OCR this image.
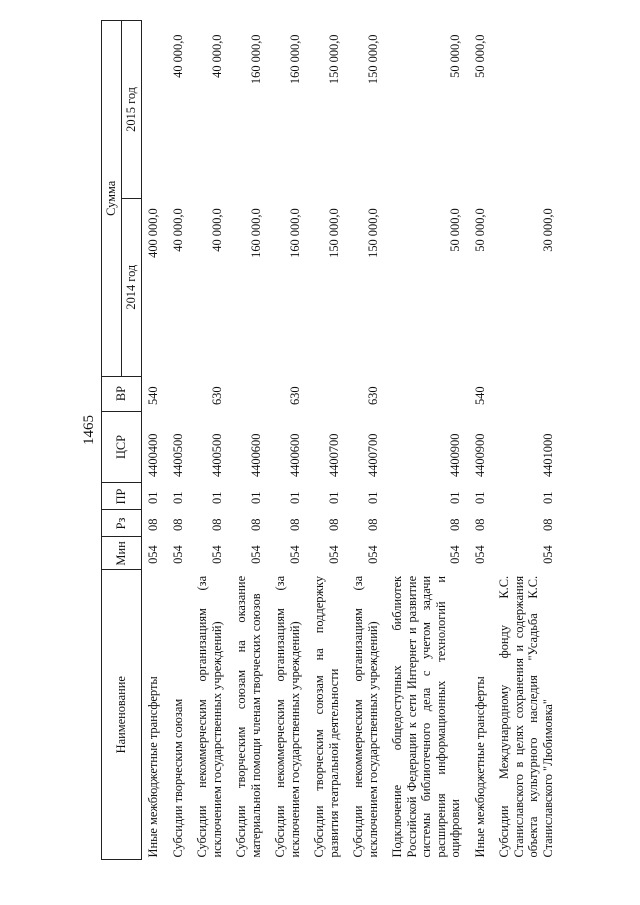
1465
Наименование	Мин	Рз	ПР	ЦСР	ВР	Сумма	
						2014 год	2015 год
Иные межбюджетные трансферты	054	08	01	4400400	540	400 000,0	
Субсидии творческим союзам	054	08	01	4400500		40 000,0	40 000,0
Субсидии некоммерческим организациям (за исключением государственных учреждений)	054	08	01	4400500	630	40 000,0	40 000,0
Субсидии творческим союзам на оказание материальной помощи членам творческих союзов	054	08	01	4400600		160 000,0	160 000,0
Субсидии некоммерческим организациям (за исключением государственных учреждений)	054	08	01	4400600	630	160 000,0	160 000,0
Субсидии творческим союзам на поддержку развития театральной деятельности	054	08	01	4400700		150 000,0	150 000,0
Субсидии некоммерческим организациям (за исключением государственных учреждений)	054	08	01	4400700	630	150 000,0	150 000,0
Подключение общедоступных библиотек Российской Федерации к сети Интернет и развитие системы библиотечного дела с учетом задачи расширения информационных технологий и оцифровки	054	08	01	4400900		50 000,0	50 000,0
Иные межбюджетные трансферты	054	08	01	4400900	540	50 000,0	50 000,0
Субсидии Международному фонду К.С. Станиславского в целях сохранения и содержания объекта культурного наследия "Усадьба К.С. Станиславского "Любимовка"	054	08	01	4401000		30 000,0	
